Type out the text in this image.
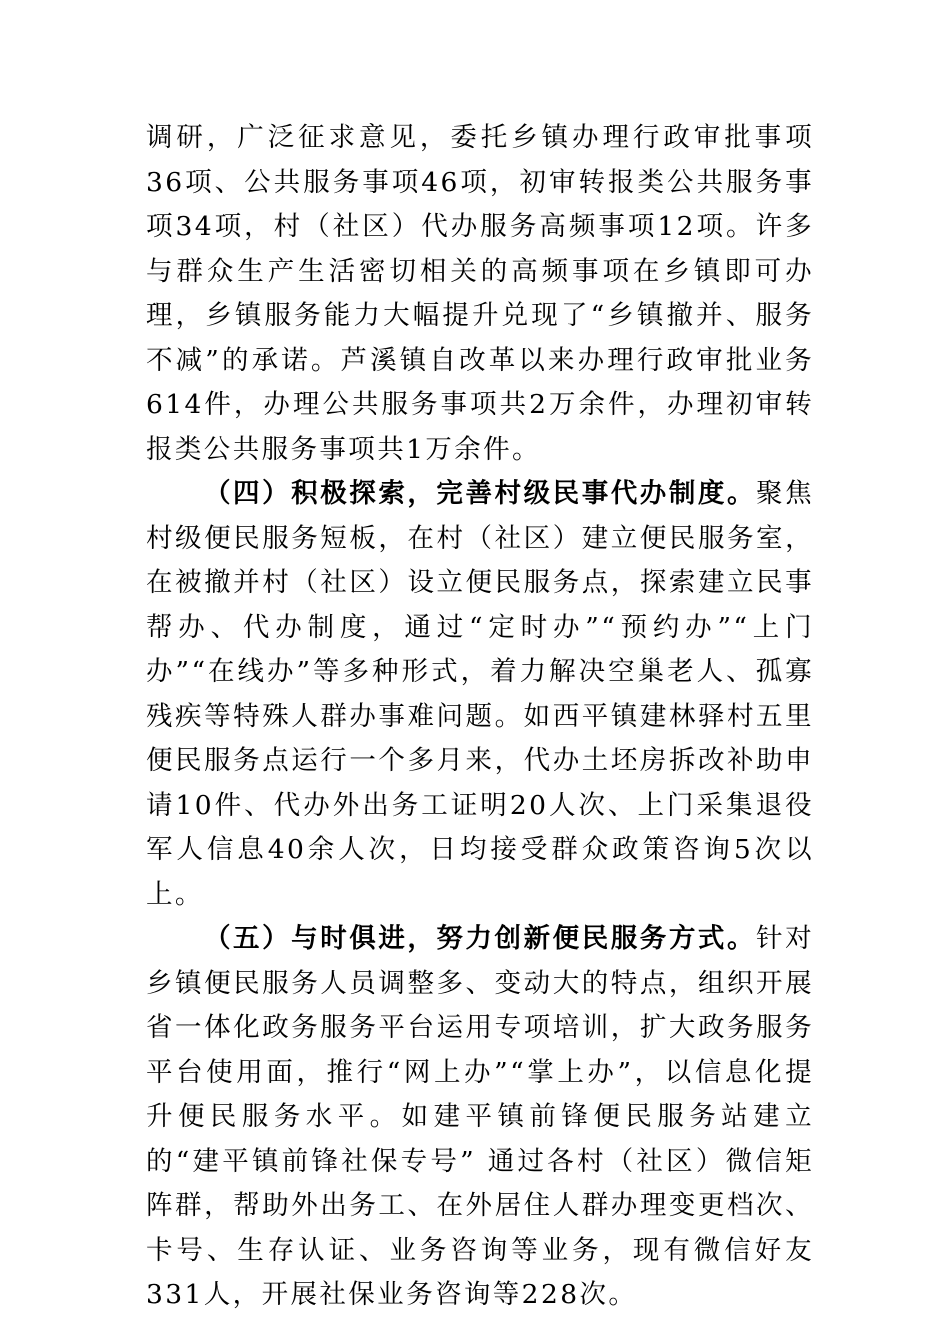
调研，广泛征求意见，委托乡镇办理行政审批事项36项、公共服务事项46项，初审转报类公共服务事项34项，村（社区）代办服务高频事项12项。许多与群众生产生活密切相关的高频事项在乡镇即可办理，乡镇服务能力大幅提升兑现了“乡镇撤并、服务不减”的承诺。芦溪镇自改革以来办理行政审批业务614件，办理公共服务事项共2万余件，办理初审转报类公共服务事项共1万余件。

（四）积极探索，完善村级民事代办制度。聚焦村级便民服务短板，在村（社区）建立便民服务室，在被撤并村（社区）设立便民服务点，探索建立民事帮办、代办制度，通过“定时办”“预约办”“上门办”“在线办”等多种形式，着力解决空巢老人、孤寡残疾等特殊人群办事难问题。如西平镇建林驿村五里便民服务点运行一个多月来，代办土坯房拆改补助申请10件、代办外出务工证明20人次、上门采集退役军人信息40余人次，日均接受群众政策咨询5次以上。

（五）与时俱进，努力创新便民服务方式。针对乡镇便民服务人员调整多、变动大的特点，组织开展省一体化政务服务平台运用专项培训，扩大政务服务平台使用面，推行“网上办”“掌上办”，以信息化提升便民服务水平。如建平镇前锋便民服务站建立的“建平镇前锋社保专号” 通过各村（社区）微信矩阵群，帮助外出务工、在外居住人群办理变更档次、卡号、生存认证、业务咨询等业务，现有微信好友331人，开展社保业务咨询等228次。
